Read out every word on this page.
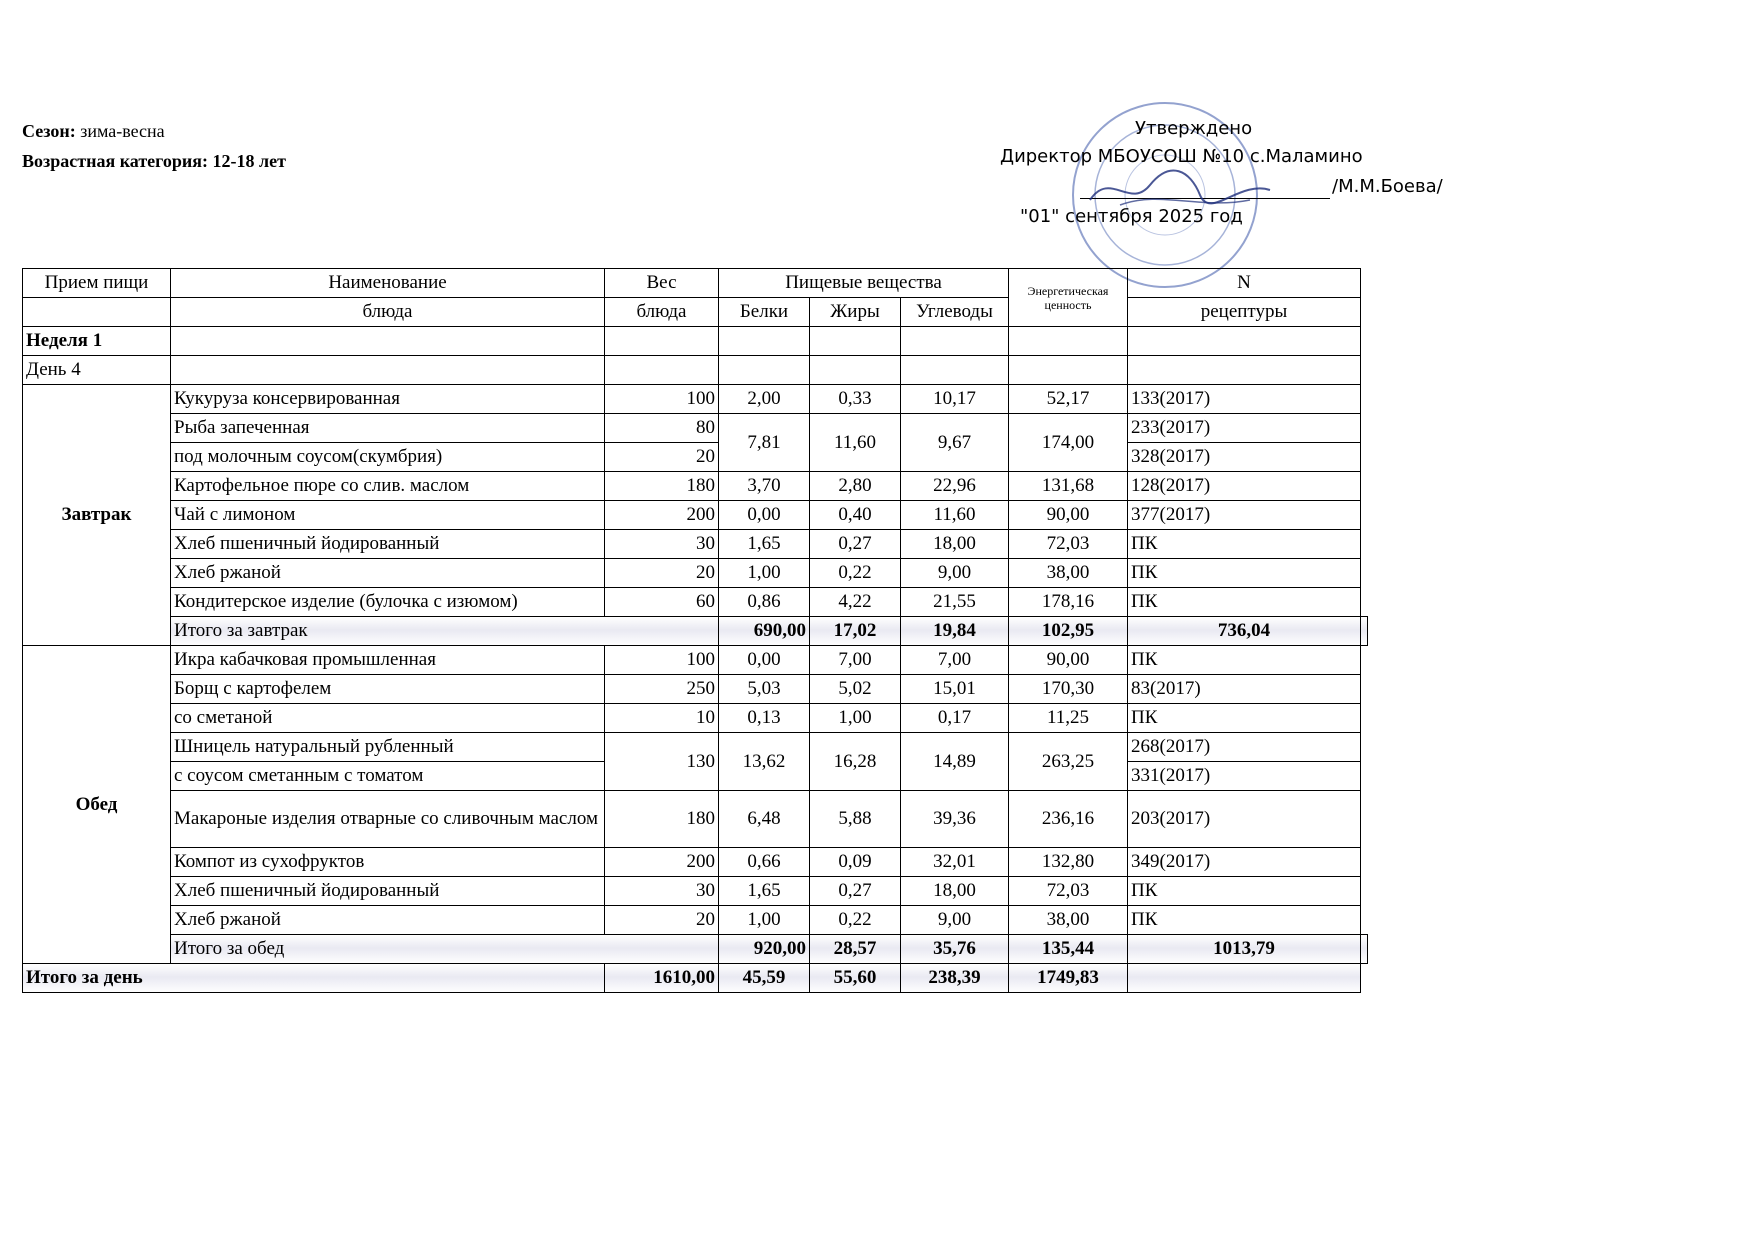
Сезон: зима-весна
Возрастная категория: 12-18 лет
Утверждено
Директор МБОУСОШ №10 с.Маламино
/М.М.Боева/
"01" сентября 2025 год
Прием пищи	Наименование	Вес	Пищевые вещества			Энергетическая ценность	N	
	блюда	блюда	Белки	Жиры	Углеводы		рецептуры	
Неделя 1								
День 4								
Завтрак	Кукуруза консервированная	100	2,00	0,33	10,17	52,17	133(2017)	
	Рыба запеченная	80	7,81	11,60	9,67	174,00	233(2017)	
	под молочным соусом(скумбрия)	20					328(2017)	
	Картофельное пюре со слив. маслом	180	3,70	2,80	22,96	131,68	128(2017)	
	Чай с лимоном	200	0,00	0,40	11,60	90,00	377(2017)	
	Хлеб пшеничный йодированный	30	1,65	0,27	18,00	72,03	ПК	
	Хлеб ржаной	20	1,00	0,22	9,00	38,00	ПК	
	Кондитерское изделие (булочка с изюмом)	60	0,86	4,22	21,55	178,16	ПК	
	Итого за завтрак		690,00	17,02	19,84	102,95	736,04	
Обед	Икра кабачковая промышленная	100	0,00	7,00	7,00	90,00	ПК	
	Борщ с картофелем	250	5,03	5,02	15,01	170,30	83(2017)	
	со сметаной	10	0,13	1,00	0,17	11,25	ПК	
	Шницель натуральный рубленный	130	13,62	16,28	14,89	263,25	268(2017)	
	с соусом сметанным с томатом						331(2017)	
	Макароные изделия отварные со сливочным маслом	180	6,48	5,88	39,36	236,16	203(2017)	
	Компот из сухофруктов	200	0,66	0,09	32,01	132,80	349(2017)	
	Хлеб пшеничный йодированный	30	1,65	0,27	18,00	72,03	ПК	
	Хлеб ржаной	20	1,00	0,22	9,00	38,00	ПК	
	Итого за обед		920,00	28,57	35,76	135,44	1013,79	
Итого за день		1610,00	45,59	55,60	238,39	1749,83		
